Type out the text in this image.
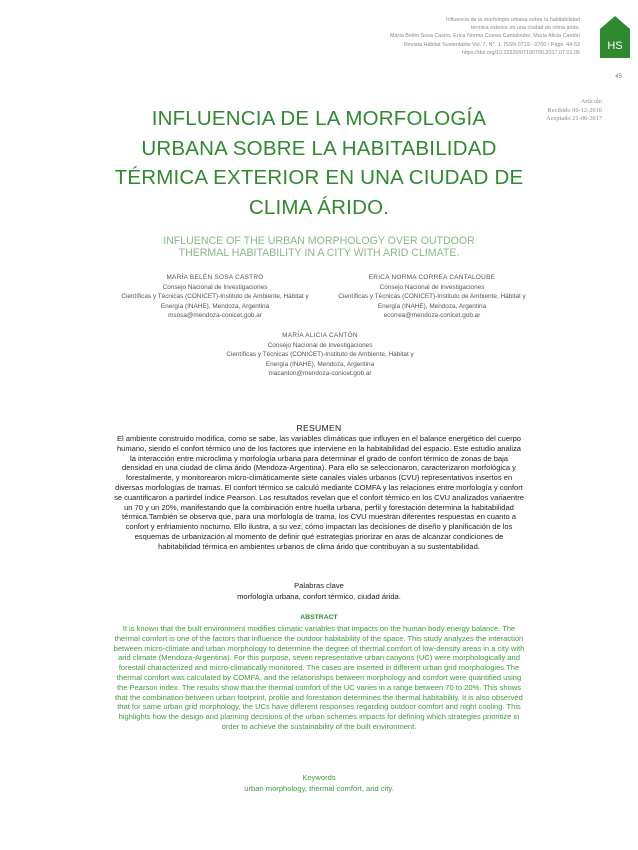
Influencia de la morfología urbana sobre la habitabilidad
térmica exterior en una ciudad de clima árido.
María Belén Sosa Castro, Erica Norma Correa Cantaloube, María Alicia Cantón
Revista Hábitat Sustentable Vol. 7, N°. 1. ISSN 0719 - 0700 / Págs. 44-53
https://doi.org/10.22320/07190700.2017.07.01.05
HS
45
Artículo
Recibido 06-12-2016
Aceptado 21-06-2017
INFLUENCIA DE LA MORFOLOGÍA
URBANA SOBRE LA HABITABILIDAD
TÉRMICA EXTERIOR EN UNA CIUDAD DE
CLIMA ÁRIDO.
INFLUENCE OF THE URBAN MORPHOLOGY OVER OUTDOOR
THERMAL HABITABILITY IN A CITY WITH ARID CLIMATE.
MARÍA BELÉN SOSA CASTRO
Consejo Nacional de Investigaciones
Científicas y Técnicas (CONICET)-Instituto de Ambiente, Hábitat y
Energía (INAHE), Mendoza, Argentina
msosa@mendoza-conicet.gob.ar
ERICA NORMA CORREA CANTALOUBE
Consejo Nacional de Investigaciones
Científicas y Técnicas (CONICET)-Instituto de Ambiente, Hábitat y
Energía (INAHE), Mendoza, Argentina
ecorrea@mendoza-conicet.gob.ar
MARÍA ALICIA CANTÓN
Consejo Nacional de Investigaciones
Científicas y Técnicas (CONICET)-Instituto de Ambiente, Hábitat y
Energía (INAHE), Mendoza, Argentina
macanton@mendoza-conicet.gob.ar
RESUMEN
El ambiente construido modifica, como se sabe, las variables climáticas que influyen en el balance energético del cuerpo humano, siendo el confort térmico uno de los factores que interviene en la habitabilidad del espacio. Este estudio analiza la interacción entre microclima y morfología urbana para determinar el grado de confort térmico de zonas de baja densidad en una ciudad de clima árido (Mendoza-Argentina). Para ello se seleccionaron, caracterizaron morfológica y forestalmente, y monitorearon micro-climáticamente siete canales viales urbanos (CVU) representativos insertos en diversas morfologías de tramas. El confort térmico se calculó mediante COMFA y las relaciones entre morfología y confort se cuantificaron a partirdel índice Pearson. Los resultados revelan que el confort térmico en los CVU analizados variaentre un 70 y un 20%, manifestando que la combinación entre huella urbana, perfil y forestación determina la habitabilidad térmica.También se observa que, para una morfología de trama, los CVU muestran diferentes respuestas en cuanto a confort y enfriamiento nocturno. Ello ilustra, a su vez, cómo impactan las decisiones de diseño y planificación de los esquemas de urbanización al momento de definir qué estrategias priorizar en aras de alcanzar condiciones de habitabilidad térmica en ambientes urbanos de clima árido que contribuyan a su sustentabilidad.
Palabras clave
morfología urbana, confort térmico, ciudad árida.
ABSTRACT
It is known that the built environment modifies climatic variables that impacts on the human body energy balance. The thermal comfort is one of the factors that influence the outdoor habitability of the space. This study analyzes the interaction between micro-climate and urban morphology to determine the degree of thermal comfort of low-density areas in a city with arid climate (Mendoza-Argentina). For this purpose, seven representative urban canyons (UC) were morphologically and forestall characterized and micro-climatically monitored. The cases are inserted in different urban grid morphologies.The thermal comfort was calculated by COMFA, and the relationships between morphology and comfort were quantified using the Pearson index. The results show that the thermal comfort of the UC varies in a range between 70 to 20%. This shows that the combination between urban footprint, profile and forestation determines the thermal habitability. It is also observed that for same urban grid morphology, the UCs have different responses regarding outdoor comfort and night cooling. This highlights how the design and planning decisions of the urban schemes impacts for defining which strategies prioritize in order to achieve the sustainability of the built environment.
Keywords
urban morphology, thermal comfort, arid city.
